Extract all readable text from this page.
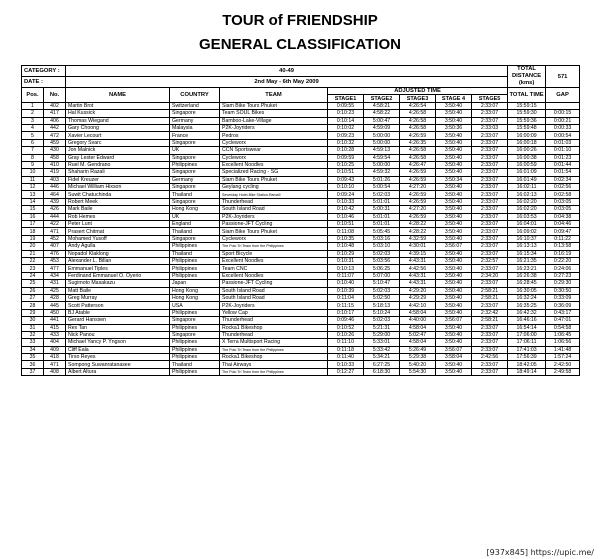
TOUR of FRIENDSHIP
GENERAL CLASSIFICATION
CATEGORY :		40-49								TOTAL DISTANCE (kms)	571
DATE :		2nd May - 6th May 2009									
Pos.	No.	NAME	COUNTRY	TEAM	ADJUSTED TIME					TOTAL TIME	GAP
					STAGE1	STAGE2	STAGE3	STAGE 4	STAGE5		
1	402	Martin Brot	Switzerland	Siam Bike Tours Phuket	0:09:55	4:58:21	4:26:54	3:50:40	2:33:07	15:59:15	
2	417	Hal Kussick	Singapore	Team SOUL Bikes	0:10:23	4:58:22	4:26:58	3:50:40	2:33:07	15:59:30	0:00:15
3	406	Thomas Wiegand	Germany	Bamboo-Lake-Village	0:10:14	5:00:47	4:26:58	3:50:40	2:33:07	15:59:36	0:00:21
4	442	Gary Choong	Malaysia	P2K-Joyriders	0:10:02	4:59:09	4:26:58	3:50:36	2:33:03	15:59:48	0:00:33
5	472	Xavier Lecourt	France	Pedros	0:09:23	5:00:00	4:26:59	3:50:40	2:33:07	16:00:09	0:00:54
6	459	Gregory Svarc	Singapore	Cycleworx	0:10:32	5:00:00	4:26:35	3:50:40	2:33:07	16:00:18	0:01:03
7	430	Jon Malnick	UK	CCN Sportswear	0:10:28	4:59:13	4:26:58	3:50:40	2:33:07	16:00:26	0:01:10
8	458	Gray Lester Edward	Singapore	Cycleworx	0:09:59	4:59:54	4:26:58	3:50:40	2:33:07	16:00:38	0:01:23
9	410	Ruel M. Gendrano	Philippines	Excellent Noodles	0:10:25	5:00:00	4:26:47	3:50:40	2:33:07	16:00:59	0:01:44
10	419	Shaharin Razali	Singapore	Specialized Racing - SG	0:10:51	4:59:32	4:26:59	3:50:40	2:33:07	16:01:09	0:01:54
11	403	Fidel Kreuzer	Germany	Siam Bike Tours Phuket	0:09:43	5:01:26	4:26:59	3:50:34	2:33:07	16:01:49	0:02:34
12	446	Michael William Hixson	Singapore	Geylang cycling	0:10:10	5:00:54	4:27:20	3:50:40	2:33:07	16:02:11	0:02:56
13	464	Suwit Chatuchinda	Thailand	Sevenday Hotel-Bike Station-Rama9	0:09:24	5:02:03	4:26:59	3:50:40	2:33:07	16:02:13	0:02:58
14	439	Robert Meek	Singapore	Thunderhead	0:10:33	5:01:01	4:26:59	3:50:40	2:33:07	16:02:20	0:03:05
15	426	Mark Baile	Hong Kong	South Island Road	0:10:42	5:00:31	4:27:20	3:50:40	2:33:07	16:02:20	0:03:05
16	444	Rob Hemes	UK	P2K-Joyriders	0:10:46	5:01:01	4:26:59	3:50:40	2:33:07	16:03:53	0:04:38
17	422	Peter Lunt	England	Passione-JFT Cycling	0:10:51	5:01:01	4:28:22	3:50:40	2:33:07	16:04:01	0:04:46
18	471	Prasert Chitmat	Thailand	Siam Bike Tours Phuket	0:11:08	5:05:45	4:28:22	3:50:40	2:33:07	16:09:02	0:09:47
19	452	Mohamed Yusoff	Singapore	Cycleworx	0:10:35	5:03:16	4:32:59	3:50:40	2:33:07	16:10:37	0:11:22
20	407	Andy Agulla	Philippines	The Polo Tri Team from the Philippines	0:10:48	5:03:10	4:30:01	3:56:07	2:33:07	16:13:13	0:13:58
21	476	Nopadol Klaklong	Thailand	Sport Bicycle	0:10:29	5:02:03	4:39:15	3:50:40	2:33:07	16:15:34	0:16:19
22	453	Alexander L. Billan	Philippines	Excellent Noodles	0:10:31	5:03:56	4:43:31	3:50:40	2:32:57	16:21:35	0:22:20
23	477	Emmanuel Tiples	Philippines	Team CNC	0:10:13	5:06:25	4:42:56	3:50:40	2:33:07	16:23:21	0:24:06
24	434	Ferdinand Emmanuel O. Oyerio	Philippines	Excellent Noodles	0:11:07	5:07:00	4:43:31	3:50:40	2:34:20	16:26:38	0:27:23
25	431	Sugimoto Masakazu	Japan	Passione-JFT Cycling	0:10:40	5:10:47	4:43:31	3:50:40	2:33:07	16:28:45	0:29:30
26	425	Matt Baile	Hong Kong	South Island Road	0:10:39	5:02:03	4:29:20	3:50:40	2:58:21	16:30:05	0:30:50
27	428	Greg Murray	Hong Kong	South Island Road	0:11:04	5:02:50	4:29:29	3:50:40	2:58:21	16:32:24	0:33:09
28	445	Scott Patterson	USA	P2K-Joyriders	0:11:15	5:18:13	4:42:10	3:50:40	2:33:07	16:35:25	0:36:09
29	450	BJ Atable	Philippines	Yellow Cap	0:10:17	5:10:24	4:58:04	3:50:40	2:32:42	16:42:32	0:43:17
30	441	Gerard Hanssen	Singapore	Thunderhead	0:09:46	5:02:03	4:40:00	3:56:07	2:58:21	16:46:16	0:47:01
31	415	Rex Tan	Philippines	Rocka1 Bikeshop	0:10:52	5:21:31	4:58:04	3:50:40	2:33:07	16:54:14	0:54:58
32	433	Nick Panou	Singapore	Thunderhead	0:10:26	5:29:00	5:02:47	3:50:40	2:33:07	17:06:00	1:06:45
33	404	Michael Yancy P. Yngson	Philippines	X Terra Multisport Racing	0:11:10	5:33:01	4:58:04	3:50:40	2:33:07	17:06:11	1:06:56
34	409	Cliff Eala	Philippines	The Polo Tri Team from the Philippines	0:11:18	5:33:42	5:26:49	3:56:07	2:33:07	17:41:03	1:41:48
35	418	Tirso Reyes	Philippines	Rocka1 Bikeshop	0:11:40	5:34:21	5:29:38	3:58:04	2:42:56	17:56:39	1:57:24
36	471	Sompong Suwanratanasee	Thailand	Thai Airways	0:10:33	6:27:25	5:40:20	3:50:40	2:33:07	18:42:05	2:42:50
37	408	Albert Altura	Philippines	The Polo Tri Team from the Philippines	0:12:27	6:18:30	5:54:30	3:50:40	2:33:07	18:49:14	2:49:58
[937x845] https://upic.me/
